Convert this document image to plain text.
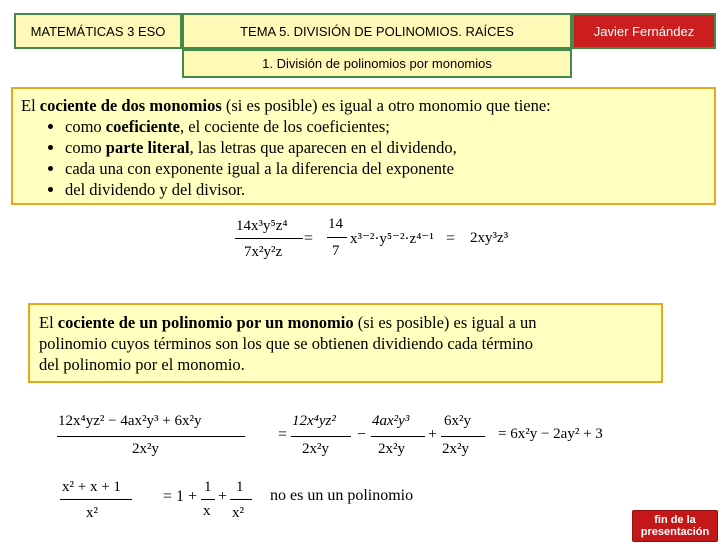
MATEMÁTICAS 3 ESO	TEMA 5. DIVISIÓN DE POLINOMIOS. RAÍCES	Javier Fernández
1. División de polinomios por monomios
El cociente de dos monomios (si es posible) es igual a otro monomio que tiene:
• como coeficiente, el cociente de los coeficientes;
• como parte literal, las letras que aparecen en el dividendo,
• cada una con exponente igual a la diferencia del exponente
• del dividendo y del divisor.
14x³y⁵z⁴
7x²y²z
=
14
7
x³⁻²·y⁵⁻²·z⁴⁻¹ = 2xy³z³
El cociente de un polinomio por un monomio (si es posible) es igual a un
polinomio cuyos términos son los que se obtienen dividiendo cada término
del polinomio por el monomio.
12x⁴yz² − 4ax²y³ + 6x²y
2x²y
=
12x⁴yz²
2x²y
−
4ax²y³
2x²y
+
6x²y
2x²y
= 6x²y − 2ay² + 3
x² + x + 1
x²
= 1 +
1
x
+
1
x²
no es un un polinomio
fin de la
presentación
